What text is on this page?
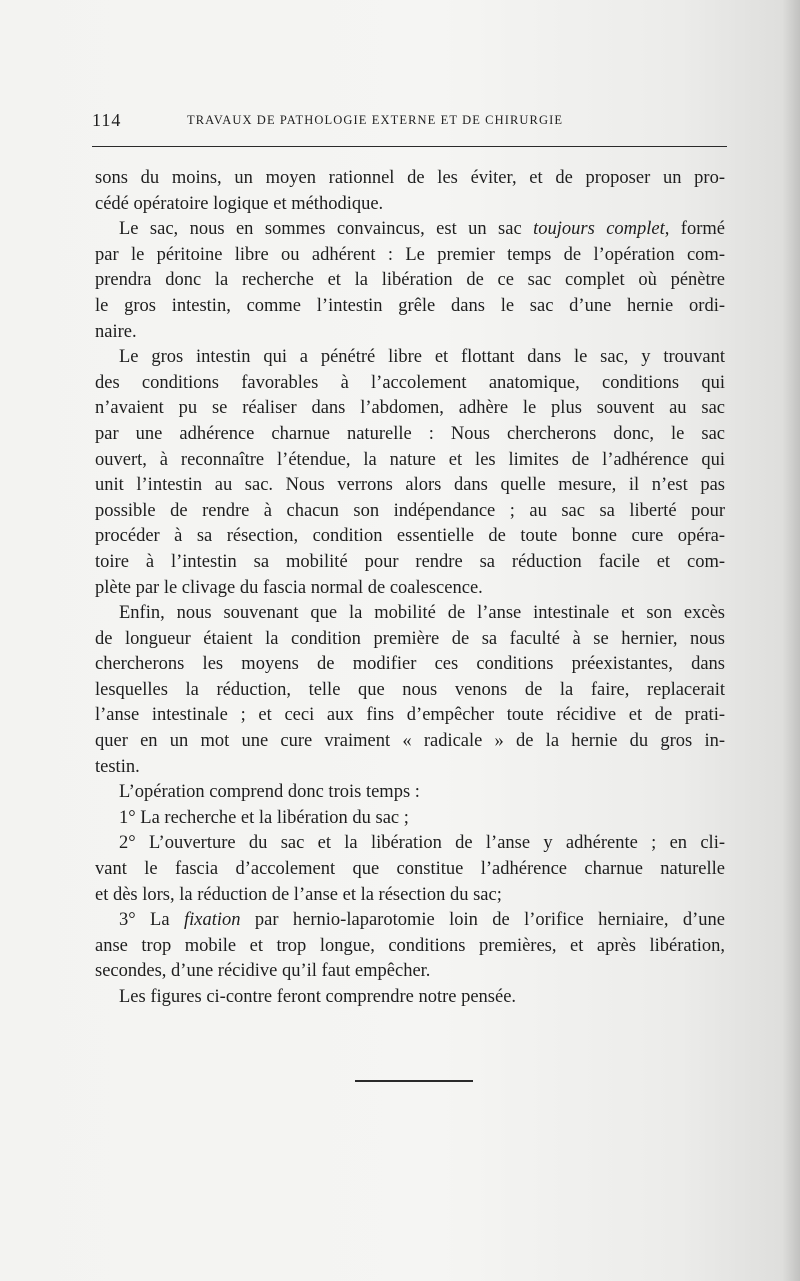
114	TRAVAUX DE PATHOLOGIE EXTERNE ET DE CHIRURGIE
sons du moins, un moyen rationnel de les éviter, et de proposer un pro-
cédé opératoire logique et méthodique.
Le sac, nous en sommes convaincus, est un sac toujours complet, formé
par le péritoine libre ou adhérent : Le premier temps de l’opération com-
prendra donc la recherche et la libération de ce sac complet où pénètre
le gros intestin, comme l’intestin grêle dans le sac d’une hernie ordi-
naire.
Le gros intestin qui a pénétré libre et flottant dans le sac, y trouvant
des conditions favorables à l’accolement anatomique, conditions qui
n’avaient pu se réaliser dans l’abdomen, adhère le plus souvent au sac
par une adhérence charnue naturelle : Nous chercherons donc, le sac
ouvert, à reconnaître l’étendue, la nature et les limites de l’adhérence qui
unit l’intestin au sac. Nous verrons alors dans quelle mesure, il n’est pas
possible de rendre à chacun son indépendance ; au sac sa liberté pour
procéder à sa résection, condition essentielle de toute bonne cure opéra-
toire à l’intestin sa mobilité pour rendre sa réduction facile et com-
plète par le clivage du fascia normal de coalescence.
Enfin, nous souvenant que la mobilité de l’anse intestinale et son excès
de longueur étaient la condition première de sa faculté à se hernier, nous
chercherons les moyens de modifier ces conditions préexistantes, dans
lesquelles la réduction, telle que nous venons de la faire, replacerait
l’anse intestinale ; et ceci aux fins d’empêcher toute récidive et de prati-
quer en un mot une cure vraiment « radicale » de la hernie du gros in-
testin.
L’opération comprend donc trois temps :
1° La recherche et la libération du sac ;
2° L’ouverture du sac et la libération de l’anse y adhérente ; en cli-
vant le fascia d’accolement que constitue l’adhérence charnue naturelle
et dès lors, la réduction de l’anse et la résection du sac;
3° La fixation par hernio-laparotomie loin de l’orifice herniaire, d’une
anse trop mobile et trop longue, conditions premières, et après libération,
secondes, d’une récidive qu’il faut empêcher.
Les figures ci-contre feront comprendre notre pensée.
